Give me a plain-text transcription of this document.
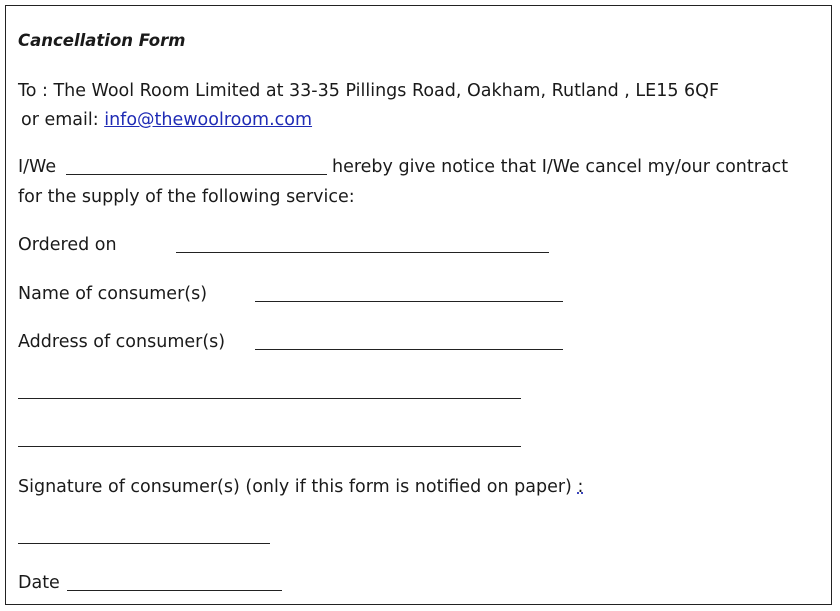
Cancellation Form
To : The Wool Room Limited at 33-35 Pillings Road, Oakham, Rutland , LE15 6QF
or email: info@thewoolroom.com
I/We	hereby give notice that I/We cancel my/our contract
for the supply of the following service:
Ordered on
Name of consumer(s)
Address of consumer(s)
Signature of consumer(s) (only if this form is notified on paper) :
Date
